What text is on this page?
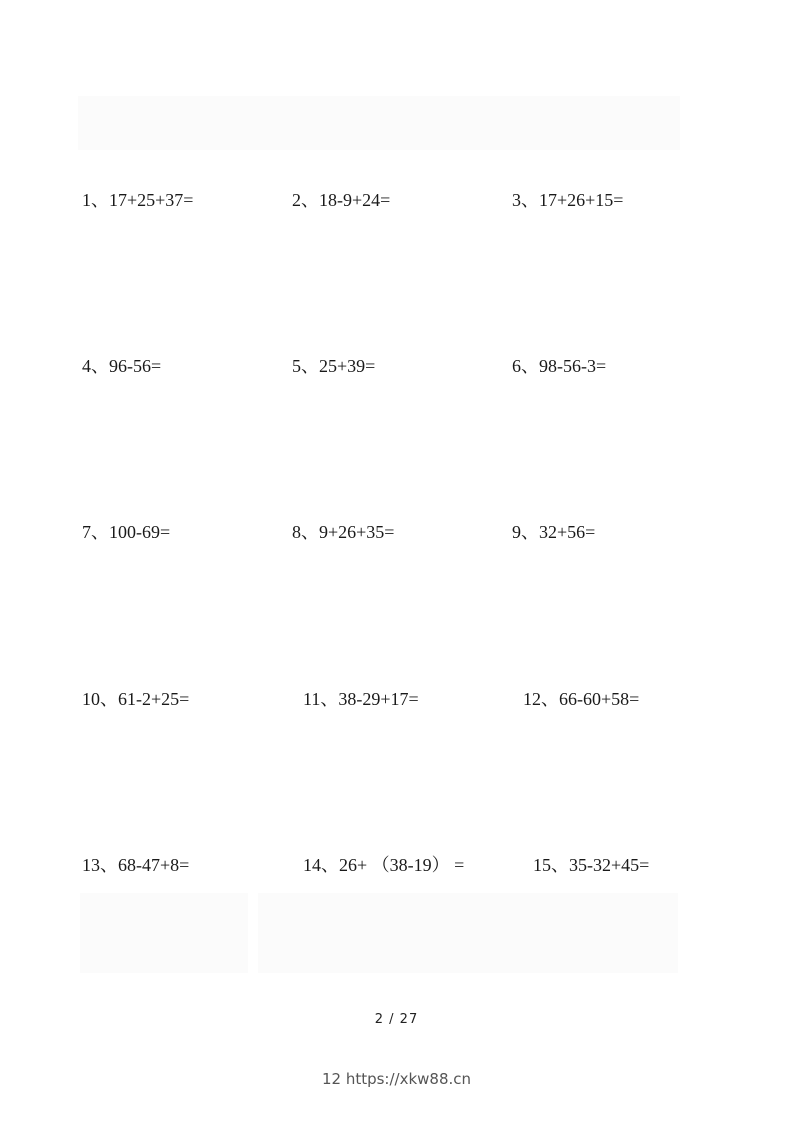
1、17+25+37=	2、18-9+24=	3、17+26+15=
4、96-56=	5、25+39=	6、98-56-3=
7、100-69=	8、9+26+35=	9、32+56=
10、61-2+25=	11、38-29+17=	12、66-60+58=
13、68-47+8=	14、26+ （38-19） =	15、35-32+45=
2 / 27
12 https://xkw88.cn
